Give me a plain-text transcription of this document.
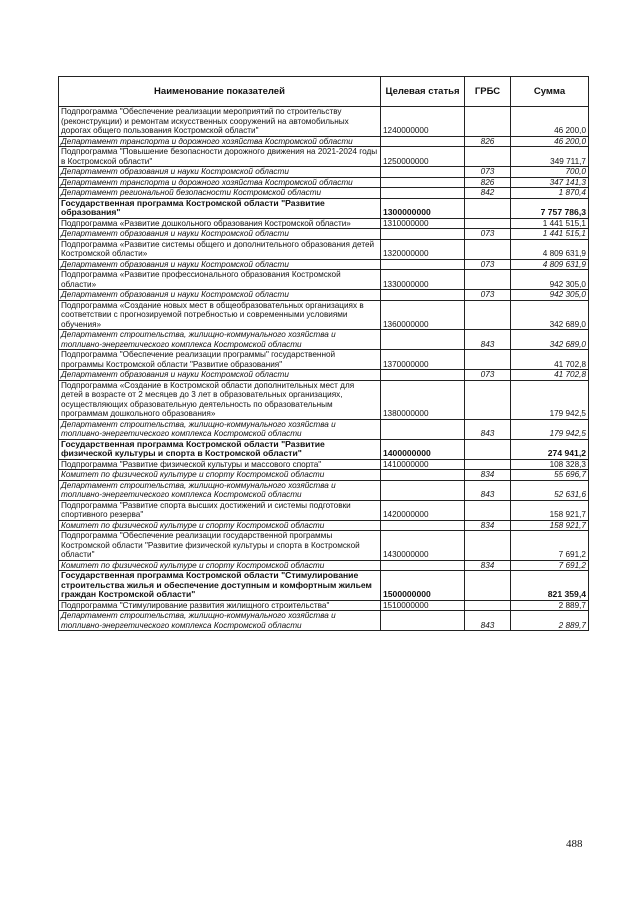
Наименование показателей	Целевая статья	ГРБС	Сумма
Подпрограмма "Обеспечение реализации мероприятий по строительству (реконструкции) и ремонтам искусственных сооружений на автомобильных дорогах общего пользования Костромской области"	1240000000		46 200,0
Департамент транспорта и дорожного хозяйства Костромской области		826	46 200,0
Подпрограмма "Повышение безопасности дорожного движения на 2021-2024 годы в Костромской области"	1250000000		349 711,7
Департамент образования и науки Костромской области		073	700,0
Департамент транспорта и дорожного хозяйства Костромской области		826	347 141,3
Департамент региональной безопасности Костромской области		842	1 870,4
Государственная программа Костромской области "Развитие образования"	1300000000		7 757 786,3
Подпрограмма «Развитие дошкольного образования Костромской области»	1310000000		1 441 515,1
Департамент образования и науки Костромской области		073	1 441 515,1
Подпрограмма «Развитие системы общего и дополнительного образования детей Костромской области»	1320000000		4 809 631,9
Департамент образования и науки Костромской области		073	4 809 631,9
Подпрограмма «Развитие профессионального образования Костромской области»	1330000000		942 305,0
Департамент образования и науки Костромской области		073	942 305,0
Подпрограмма «Создание новых мест в общеобразовательных организациях в соответствии с прогнозируемой потребностью и современными условиями обучения»	1360000000		342 689,0
Департамент строительства, жилищно-коммунального хозяйства и топливно-энергетического комплекса Костромской области		843	342 689,0
Подпрограмма "Обеспечение реализации программы" государственной программы Костромской области "Развитие образования"	1370000000		41 702,8
Департамент образования и науки Костромской области		073	41 702,8
Подпрограмма «Создание в Костромской области дополнительных мест для детей в возрасте от 2 месяцев до 3 лет в образовательных организациях, осуществляющих образовательную деятельность по образовательным программам дошкольного образования»	1380000000		179 942,5
Департамент строительства, жилищно-коммунального хозяйства и топливно-энергетического комплекса Костромской области		843	179 942,5
Государственная программа Костромской области "Развитие физической культуры и спорта в Костромской области"	1400000000		274 941,2
Подпрограмма "Развитие физической культуры и массового спорта"	1410000000		108 328,3
Комитет по физической культуре и спорту Костромской области		834	55 696,7
Департамент строительства, жилищно-коммунального хозяйства и топливно-энергетического комплекса Костромской области		843	52 631,6
Подпрограмма "Развитие спорта высших достижений и системы подготовки спортивного резерва"	1420000000		158 921,7
Комитет по физической культуре и спорту Костромской области		834	158 921,7
Подпрограмма "Обеспечение реализации государственной программы Костромской области "Развитие физической культуры и спорта в Костромской области"	1430000000		7 691,2
Комитет по физической культуре и спорту Костромской области		834	7 691,2
Государственная программа Костромской области "Стимулирование строительства жилья и обеспечение доступным и комфортным жильем граждан Костромской области"	1500000000		821 359,4
Подпрограмма "Стимулирование развития жилищного строительства"	1510000000		2 889,7
Департамент строительства, жилищно-коммунального хозяйства и топливно-энергетического комплекса Костромской области		843	2 889,7
488
